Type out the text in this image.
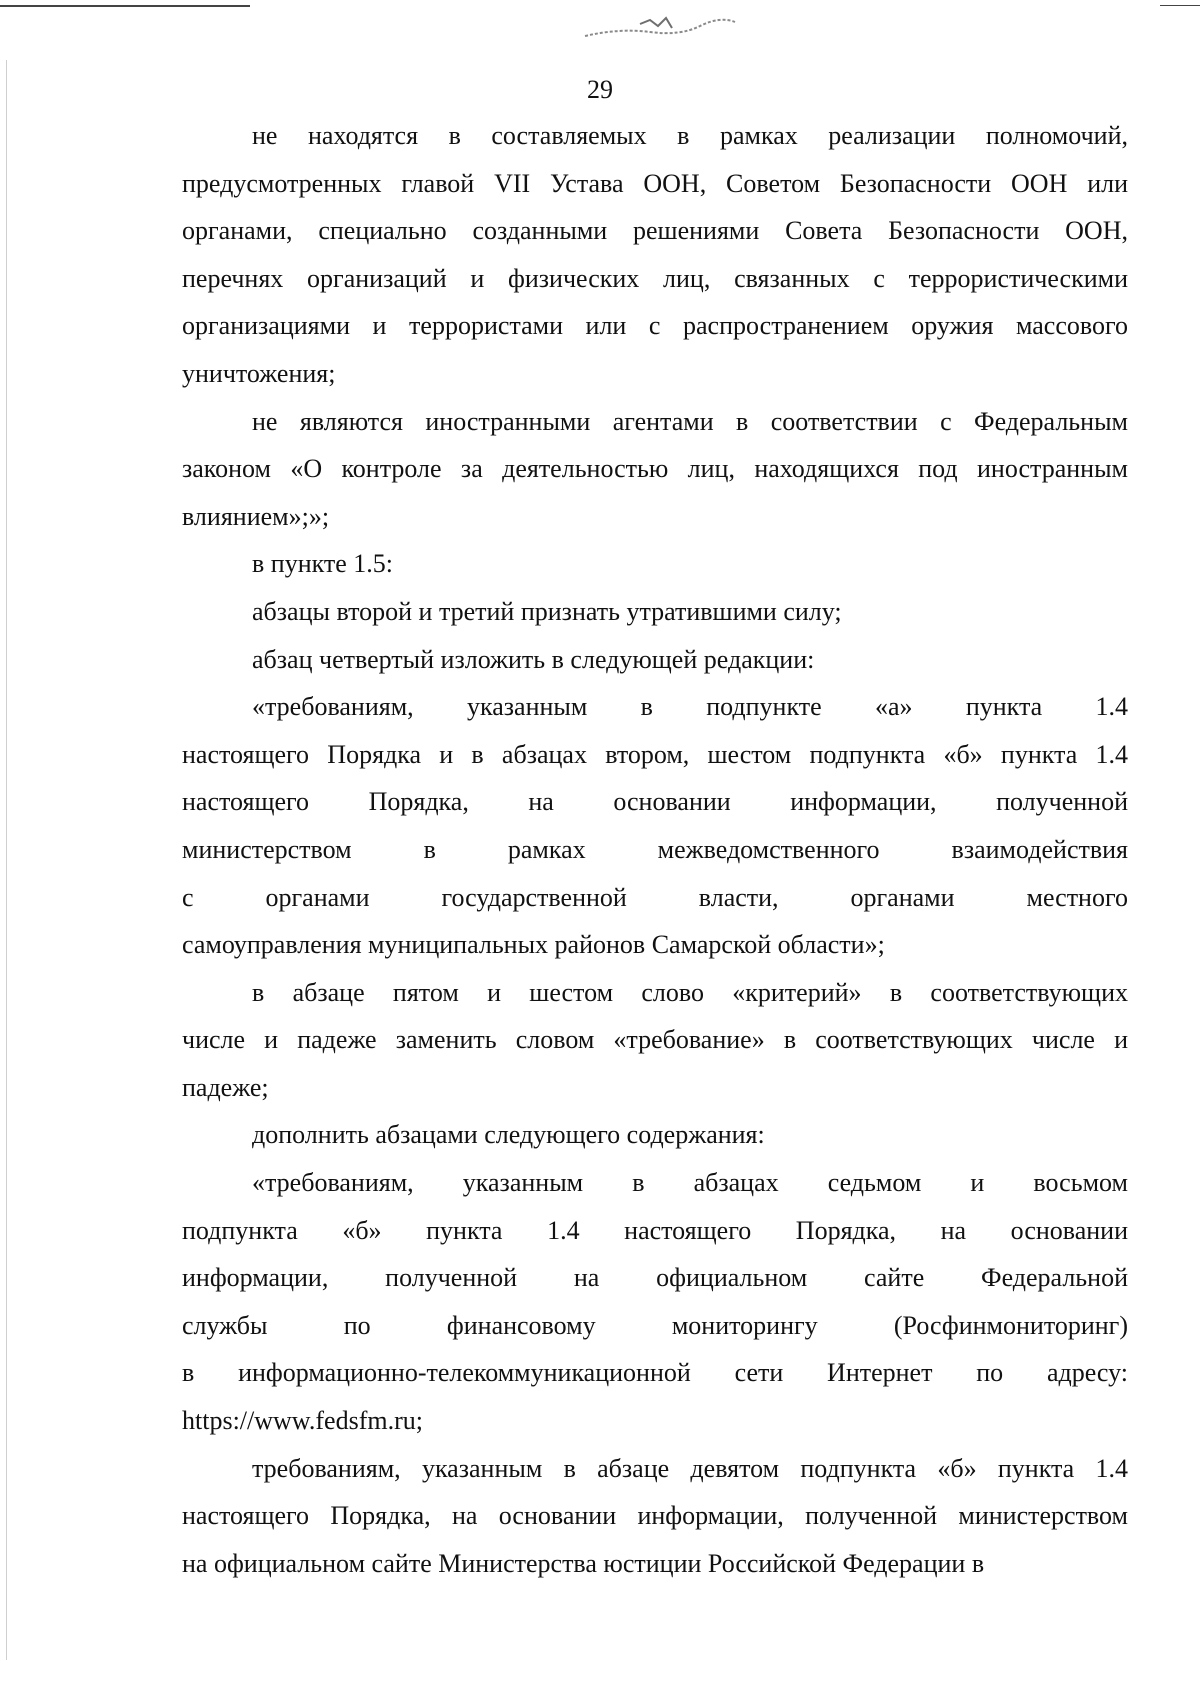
29
не находятся в составляемых в рамках реализации полномочий,
предусмотренных главой VII Устава ООН, Советом Безопасности ООН или
органами, специально созданными решениями Совета Безопасности ООН,
перечнях организаций и физических лиц, связанных с террористическими
организациями и террористами или с распространением оружия массового
уничтожения;
не являются иностранными агентами в соответствии с Федеральным
законом «О контроле за деятельностью лиц, находящихся под иностранным
влиянием»;»;
в пункте 1.5:
абзацы второй и третий признать утратившими силу;
абзац четвертый изложить в следующей редакции:
«требованиям, указанным в подпункте «а» пункта 1.4
настоящего Порядка и в абзацах втором, шестом подпункта «б» пункта 1.4
настоящего Порядка, на основании информации, полученной
министерством в рамках межведомственного взаимодействия
с органами государственной власти, органами местного
самоуправления муниципальных районов Самарской области»;
в абзаце пятом и шестом слово «критерий» в соответствующих
числе и падеже заменить словом «требование» в соответствующих числе и
падеже;
дополнить абзацами следующего содержания:
«требованиям, указанным в абзацах седьмом и восьмом
подпункта «б» пункта 1.4 настоящего Порядка, на основании
информации, полученной на официальном сайте Федеральной
службы по финансовому мониторингу (Росфинмониторинг)
в информационно-телекоммуникационной сети Интернет по адресу:
https://www.fedsfm.ru;
требованиям, указанным в абзаце девятом подпункта «б» пункта 1.4
настоящего Порядка, на основании информации, полученной министерством
на официальном сайте Министерства юстиции Российской Федерации в
